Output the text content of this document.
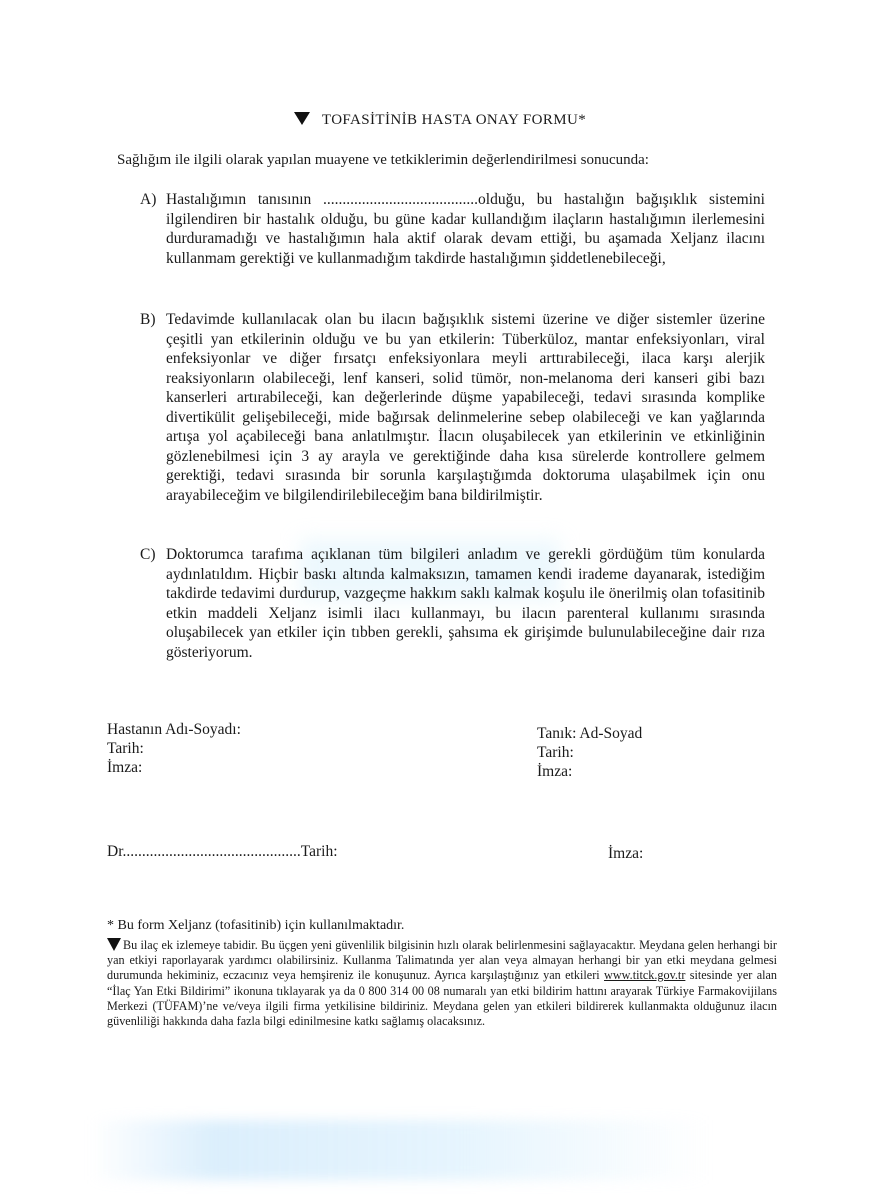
TOFASİTİNİB HASTA ONAY FORMU*
Sağlığım ile ilgili olarak yapılan muayene ve tetkiklerimin değerlendirilmesi sonucunda:
A) Hastalığımın tanısının ........................................olduğu, bu hastalığın bağışıklık sistemini ilgilendiren bir hastalık olduğu, bu güne kadar kullandığım ilaçların hastalığımın ilerlemesini durduramadığı ve hastalığımın hala aktif olarak devam ettiği, bu aşamada Xeljanz ilacını kullanmam gerektiği ve kullanmadığım takdirde hastalığımın şiddetlenebileceği,
B) Tedavimde kullanılacak olan bu ilacın bağışıklık sistemi üzerine ve diğer sistemler üzerine çeşitli yan etkilerinin olduğu ve bu yan etkilerin: Tüberküloz, mantar enfeksiyonları, viral enfeksiyonlar ve diğer fırsatçı enfeksiyonlara meyli arttırabileceği, ilaca karşı alerjik reaksiyonların olabileceği, lenf kanseri, solid tümör, non-melanoma deri kanseri gibi bazı kanserleri artırabileceği, kan değerlerinde düşme yapabileceği, tedavi sırasında komplike divertikülit gelişebileceği, mide bağırsak delinmelerine sebep olabileceği ve kan yağlarında artışa yol açabileceği bana anlatılmıştır. İlacın oluşabilecek yan etkilerinin ve etkinliğinin gözlenebilmesi için 3 ay arayla ve gerektiğinde daha kısa sürelerde kontrollere gelmem gerektiği, tedavi sırasında bir sorunla karşılaştığımda doktoruma ulaşabilmek için onu arayabileceğim ve bilgilendirilebileceğim bana bildirilmiştir.
C) Doktorumca tarafıma açıklanan tüm bilgileri anladım ve gerekli gördüğüm tüm konularda aydınlatıldım. Hiçbir baskı altında kalmaksızın, tamamen kendi irademe dayanarak, istediğim takdirde tedavimi durdurup, vazgeçme hakkım saklı kalmak koşulu ile önerilmiş olan tofasitinib etkin maddeli Xeljanz isimli ilacı kullanmayı, bu ilacın parenteral kullanımı sırasında oluşabilecek yan etkiler için tıbben gerekli, şahsıma ek girişimde bulunulabileceğine dair rıza gösteriyorum.
Hastanın Adı-Soyadı:
Tarih:
İmza:
Tanık: Ad-Soyad
Tarih:
İmza:
Dr..............................................Tarih:	İmza:
* Bu form Xeljanz (tofasitinib) için kullanılmaktadır.
Bu ilaç ek izlemeye tabidir. Bu üçgen yeni güvenlilik bilgisinin hızlı olarak belirlenmesini sağlayacaktır. Meydana gelen herhangi bir yan etkiyi raporlayarak yardımcı olabilirsiniz. Kullanma Talimatında yer alan veya almayan herhangi bir yan etki meydana gelmesi durumunda hekiminiz, eczacınız veya hemşireniz ile konuşunuz. Ayrıca karşılaştığınız yan etkileri www.titck.gov.tr sitesinde yer alan “İlaç Yan Etki Bildirimi” ikonuna tıklayarak ya da 0 800 314 00 08 numaralı yan etki bildirim hattını arayarak Türkiye Farmakovijilans Merkezi (TÜFAM)’ne ve/veya ilgili firma yetkilisine bildiriniz. Meydana gelen yan etkileri bildirerek kullanmakta olduğunuz ilacın güvenliliği hakkında daha fazla bilgi edinilmesine katkı sağlamış olacaksınız.
